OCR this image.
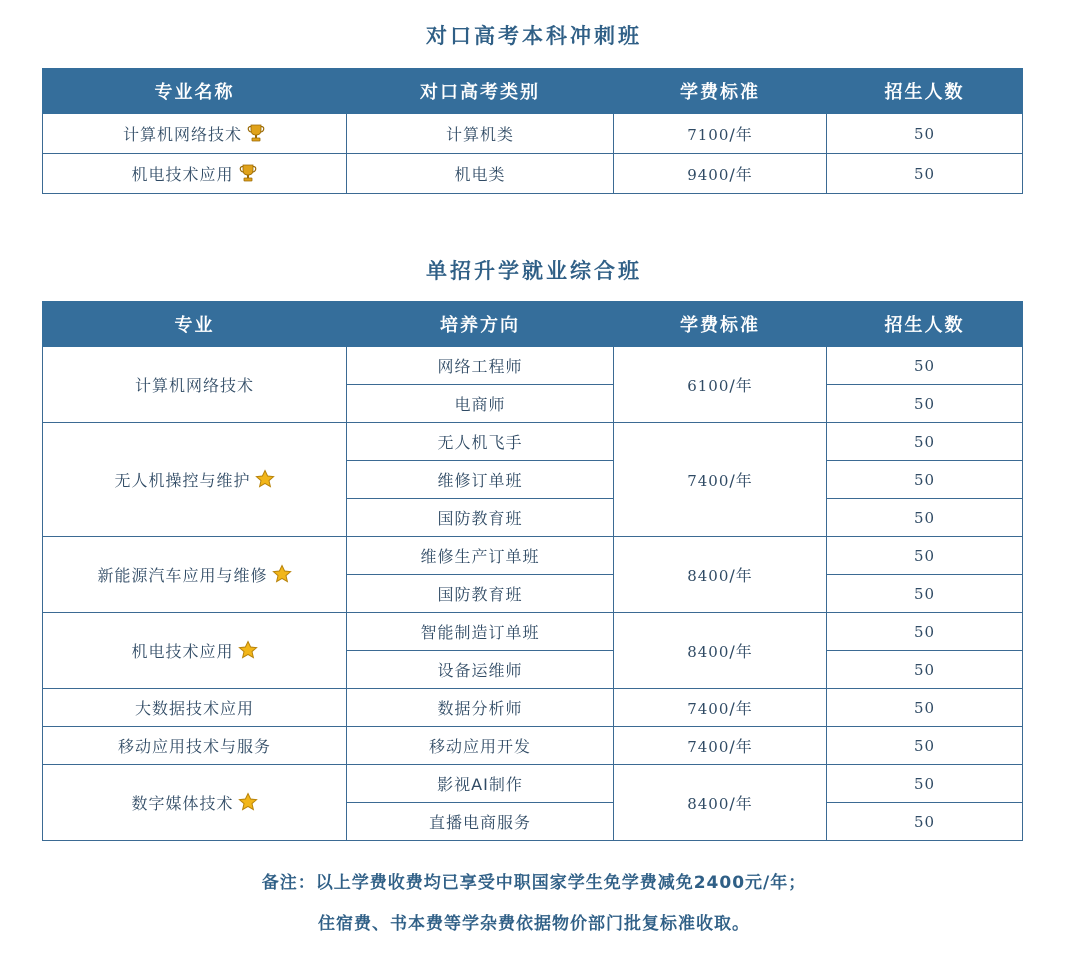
对口高考本科冲刺班
专业名称	对口高考类别	学费标准	招生人数
计算机网络技术	计算机类	7100/年	50
机电技术应用	机电类	9400/年	50
单招升学就业综合班
专业	培养方向	学费标准	招生人数
计算机网络技术	网络工程师	6100/年	50
	电商师		50
无人机操控与维护	无人机飞手	7400/年	50
	维修订单班		50
	国防教育班		50
新能源汽车应用与维修	维修生产订单班	8400/年	50
	国防教育班		50
机电技术应用	智能制造订单班	8400/年	50
	设备运维师		50
大数据技术应用	数据分析师	7400/年	50
移动应用技术与服务	移动应用开发	7400/年	50
数字媒体技术	影视AI制作	8400/年	50
	直播电商服务		50
备注：以上学费收费均已享受中职国家学生免学费减免2400元/年；
住宿费、书本费等学杂费依据物价部门批复标准收取。
